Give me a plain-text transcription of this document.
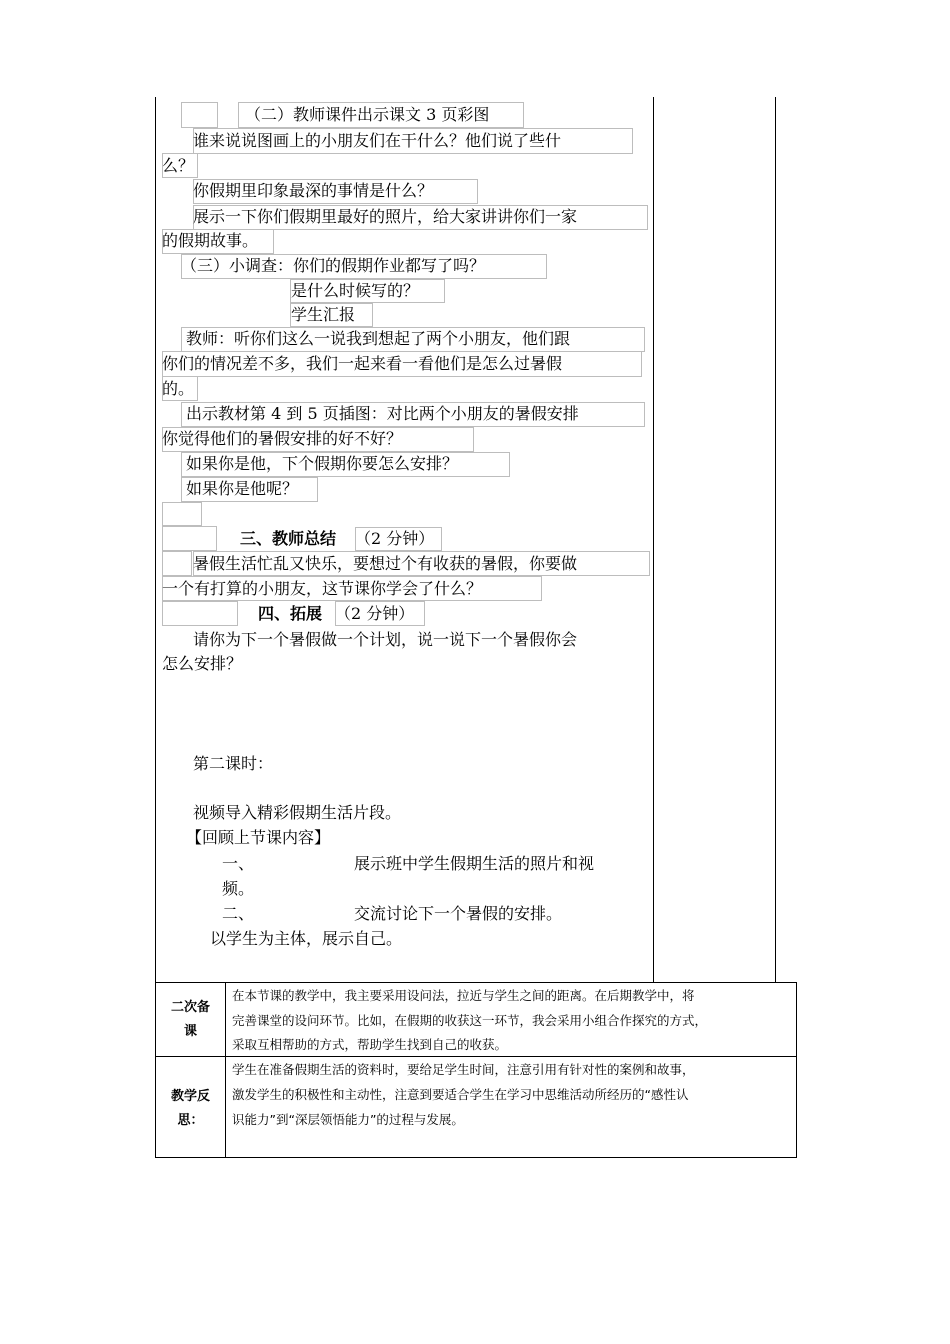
（二）教师课件出示课文 3 页彩图
谁来说说图画上的小朋友们在干什么？他们说了些什
么？
你假期里印象最深的事情是什么？
展示一下你们假期里最好的照片，给大家讲讲你们一家
的假期故事。
（三）小调查：你们的假期作业都写了吗？
是什么时候写的？
学生汇报
教师：听你们这么一说我到想起了两个小朋友，他们跟
你们的情况差不多，我们一起来看一看他们是怎么过暑假
的。
出示教材第 4 到 5 页插图：对比两个小朋友的暑假安排
你觉得他们的暑假安排的好不好？
如果你是他，下个假期你要怎么安排？
如果你是他呢？
三、教师总结 （2 分钟）
暑假生活忙乱又快乐，要想过个有收获的暑假，你要做
一个有打算的小朋友，这节课你学会了什么？
四、拓展 （2 分钟）
请你为下一个暑假做一个计划，说一说下一个暑假你会
怎么安排？
第二课时：
视频导入精彩假期生活片段。
【回顾上节课内容】
一、	展示班中学生假期生活的照片和视
频。
二、	交流讨论下一个暑假的安排。
以学生为主体，展示自己。
二次备
课
在本节课的教学中，我主要采用设问法，拉近与学生之间的距离。在后期教学中，将
完善课堂的设问环节。比如，在假期的收获这一环节，我会采用小组合作探究的方式，
采取互相帮助的方式，帮助学生找到自己的收获。
教学反
思：
学生在准备假期生活的资料时，要给足学生时间，注意引用有针对性的案例和故事，
激发学生的积极性和主动性，注意到要适合学生在学习中思维活动所经历的“感性认
识能力”到“深层领悟能力”的过程与发展。
